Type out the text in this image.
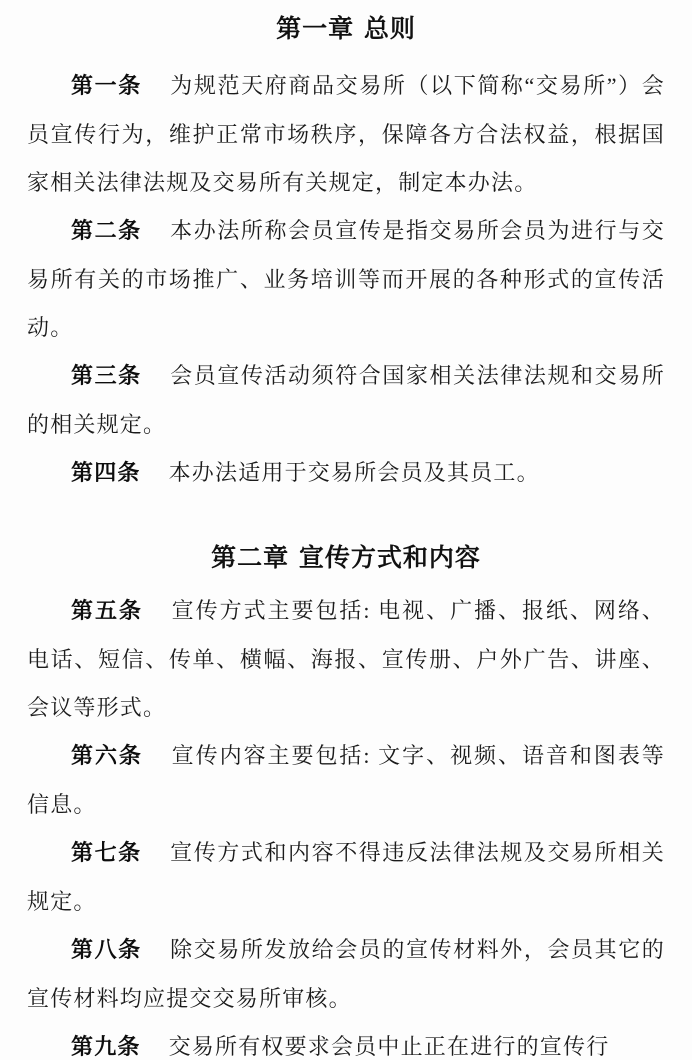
第一章 总则

第一条 为规范天府商品交易所（以下简称“交易所”）会员宣传行为，维护正常市场秩序，保障各方合法权益，根据国家相关法律法规及交易所有关规定，制定本办法。

第二条 本办法所称会员宣传是指交易所会员为进行与交易所有关的市场推广、业务培训等而开展的各种形式的宣传活动。

第三条 会员宣传活动须符合国家相关法律法规和交易所的相关规定。

第四条 本办法适用于交易所会员及其员工。

第二章 宣传方式和内容

第五条 宣传方式主要包括: 电视、广播、报纸、网络、电话、短信、传单、横幅、海报、宣传册、户外广告、讲座、会议等形式。

第六条 宣传内容主要包括: 文字、视频、语音和图表等信息。

第七条 宣传方式和内容不得违反法律法规及交易所相关规定。

第八条 除交易所发放给会员的宣传材料外，会员其它的宣传材料均应提交交易所审核。

第九条 交易所有权要求会员中止正在进行的宣传行
